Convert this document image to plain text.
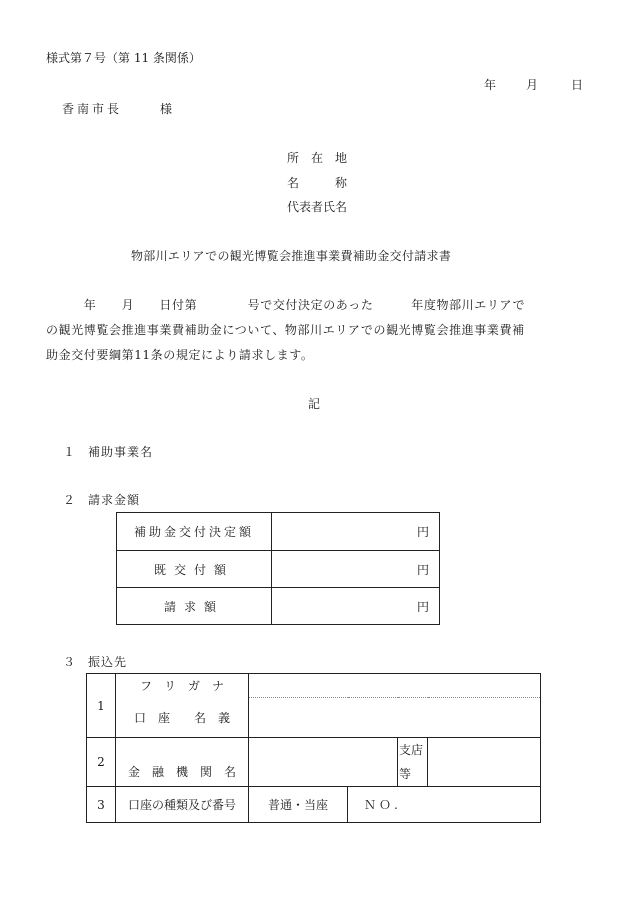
様式第７号（第 11 条関係）
年 月	日
香南市長	様
所　在　地
名　　　称
代表者氏名
物部川エリアでの観光博覧会推進事業費補助金交付請求書
　　　年　　月　　日付第　　　　号で交付決定のあった　　　年度物部川エリアで
の観光博覧会推進事業費補助金について、物部川エリアでの観光博覧会推進事業費補
助金交付要綱第11条の規定により請求します。
記
１ 補助事業名
２ 請求金額
補助金交付決定額	円
既交付額	円
請求額	円
３ 振込先
1	フ　リ　ガ　ナ				
	口　座　　名　義				
2	金　融　機　関　名			支店
等	
3	口座の種類及び番号	普通・当座	ＮＯ.		
